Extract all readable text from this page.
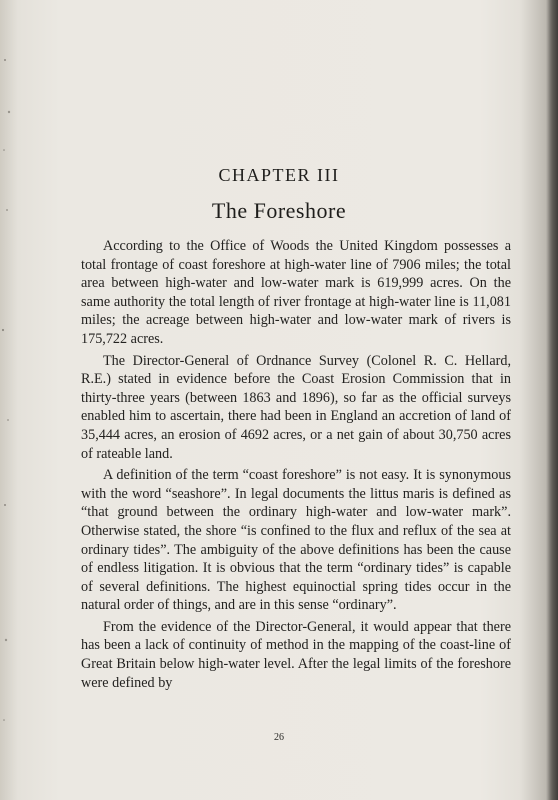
CHAPTER III
The Foreshore

According to the Office of Woods the United Kingdom possesses a total frontage of coast foreshore at high-water line of 7906 miles; the total area between high-water and low-water mark is 619,999 acres. On the same authority the total length of river frontage at high-water line is 11,081 miles; the acreage between high-water and low-water mark of rivers is 175,722 acres.

The Director-General of Ordnance Survey (Colonel R. C. Hellard, R.E.) stated in evidence before the Coast Erosion Commission that in thirty-three years (between 1863 and 1896), so far as the official surveys enabled him to ascertain, there had been in England an accretion of land of 35,444 acres, an erosion of 4692 acres, or a net gain of about 30,750 acres of rateable land.

A definition of the term “coast foreshore” is not easy. It is synonymous with the word “seashore”. In legal documents the littus maris is defined as “that ground between the ordinary high-water and low-water mark”. Otherwise stated, the shore “is confined to the flux and reflux of the sea at ordinary tides”. The ambiguity of the above definitions has been the cause of endless litigation. It is obvious that the term “ordinary tides” is capable of several definitions. The highest equinoctial spring tides occur in the natural order of things, and are in this sense “ordinary”.

From the evidence of the Director-General, it would appear that there has been a lack of continuity of method in the mapping of the coast-line of Great Britain below high-water level. After the legal limits of the foreshore were defined by

26
